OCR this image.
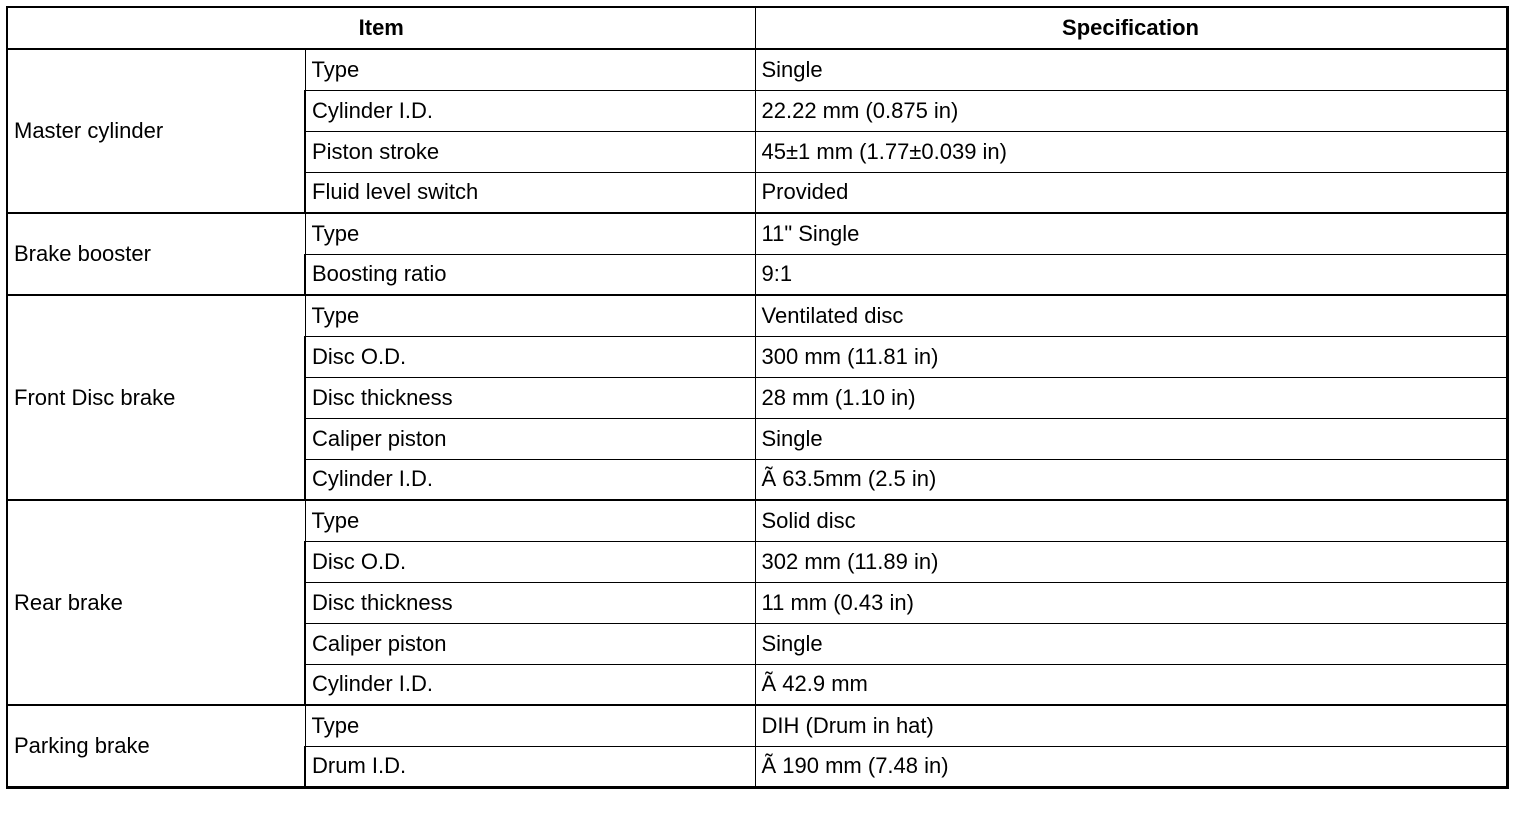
Item		Specification
Master cylinder	Type	Single
	Cylinder I.D.	22.22 mm (0.875 in)
	Piston stroke	45±1 mm (1.77±0.039 in)
	Fluid level switch	Provided
Brake booster	Type	11" Single
	Boosting ratio	9:1
Front Disc brake	Type	Ventilated disc
	Disc O.D.	300 mm (11.81 in)
	Disc thickness	28 mm (1.10 in)
	Caliper piston	Single
	Cylinder I.D.	Ã 63.5mm (2.5 in)
Rear brake	Type	Solid disc
	Disc O.D.	302 mm (11.89 in)
	Disc thickness	11 mm (0.43 in)
	Caliper piston	Single
	Cylinder I.D.	Ã 42.9 mm
Parking brake	Type	DIH (Drum in hat)
	Drum I.D.	Ã 190 mm (7.48 in)
